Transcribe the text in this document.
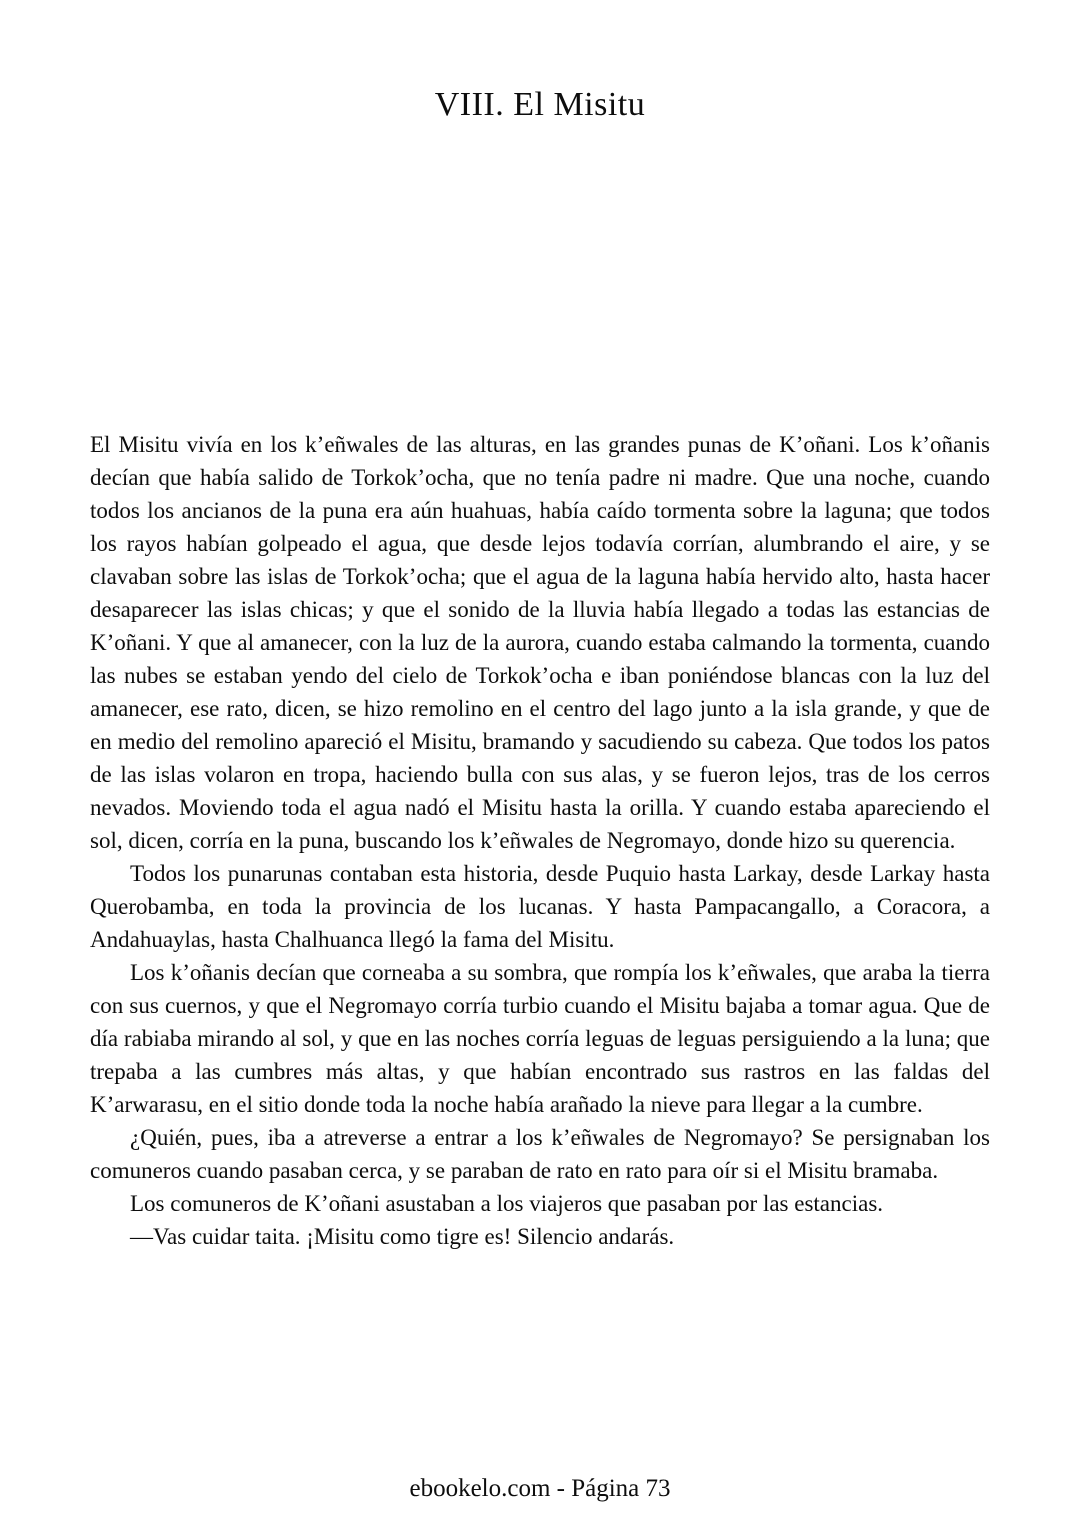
VIII. El Misitu

El Misitu vivía en los k’eñwales de las alturas, en las grandes punas de K’oñani. Los k’oñanis decían que había salido de Torkok’ocha, que no tenía padre ni madre. Que una noche, cuando todos los ancianos de la puna era aún huahuas, había caído tormenta sobre la laguna; que todos los rayos habían golpeado el agua, que desde lejos todavía corrían, alumbrando el aire, y se clavaban sobre las islas de Torkok’ocha; que el agua de la laguna había hervido alto, hasta hacer desaparecer las islas chicas; y que el sonido de la lluvia había llegado a todas las estancias de K’oñani. Y que al amanecer, con la luz de la aurora, cuando estaba calmando la tormenta, cuando las nubes se estaban yendo del cielo de Torkok’ocha e iban poniéndose blancas con la luz del amanecer, ese rato, dicen, se hizo remolino en el centro del lago junto a la isla grande, y que de en medio del remolino apareció el Misitu, bramando y sacudiendo su cabeza. Que todos los patos de las islas volaron en tropa, haciendo bulla con sus alas, y se fueron lejos, tras de los cerros nevados. Moviendo toda el agua nadó el Misitu hasta la orilla. Y cuando estaba apareciendo el sol, dicen, corría en la puna, buscando los k’eñwales de Negromayo, donde hizo su querencia.

Todos los punarunas contaban esta historia, desde Puquio hasta Larkay, desde Larkay hasta Querobamba, en toda la provincia de los lucanas. Y hasta Pampacangallo, a Coracora, a Andahuaylas, hasta Chalhuanca llegó la fama del Misitu.

Los k’oñanis decían que corneaba a su sombra, que rompía los k’eñwales, que araba la tierra con sus cuernos, y que el Negromayo corría turbio cuando el Misitu bajaba a tomar agua. Que de día rabiaba mirando al sol, y que en las noches corría leguas de leguas persiguiendo a la luna; que trepaba a las cumbres más altas, y que habían encontrado sus rastros en las faldas del K’arwarasu, en el sitio donde toda la noche había arañado la nieve para llegar a la cumbre.

¿Quién, pues, iba a atreverse a entrar a los k’eñwales de Negromayo? Se persignaban los comuneros cuando pasaban cerca, y se paraban de rato en rato para oír si el Misitu bramaba.

Los comuneros de K’oñani asustaban a los viajeros que pasaban por las estancias.

—Vas cuidar taita. ¡Misitu como tigre es! Silencio andarás.

ebookelo.com - Página 73
